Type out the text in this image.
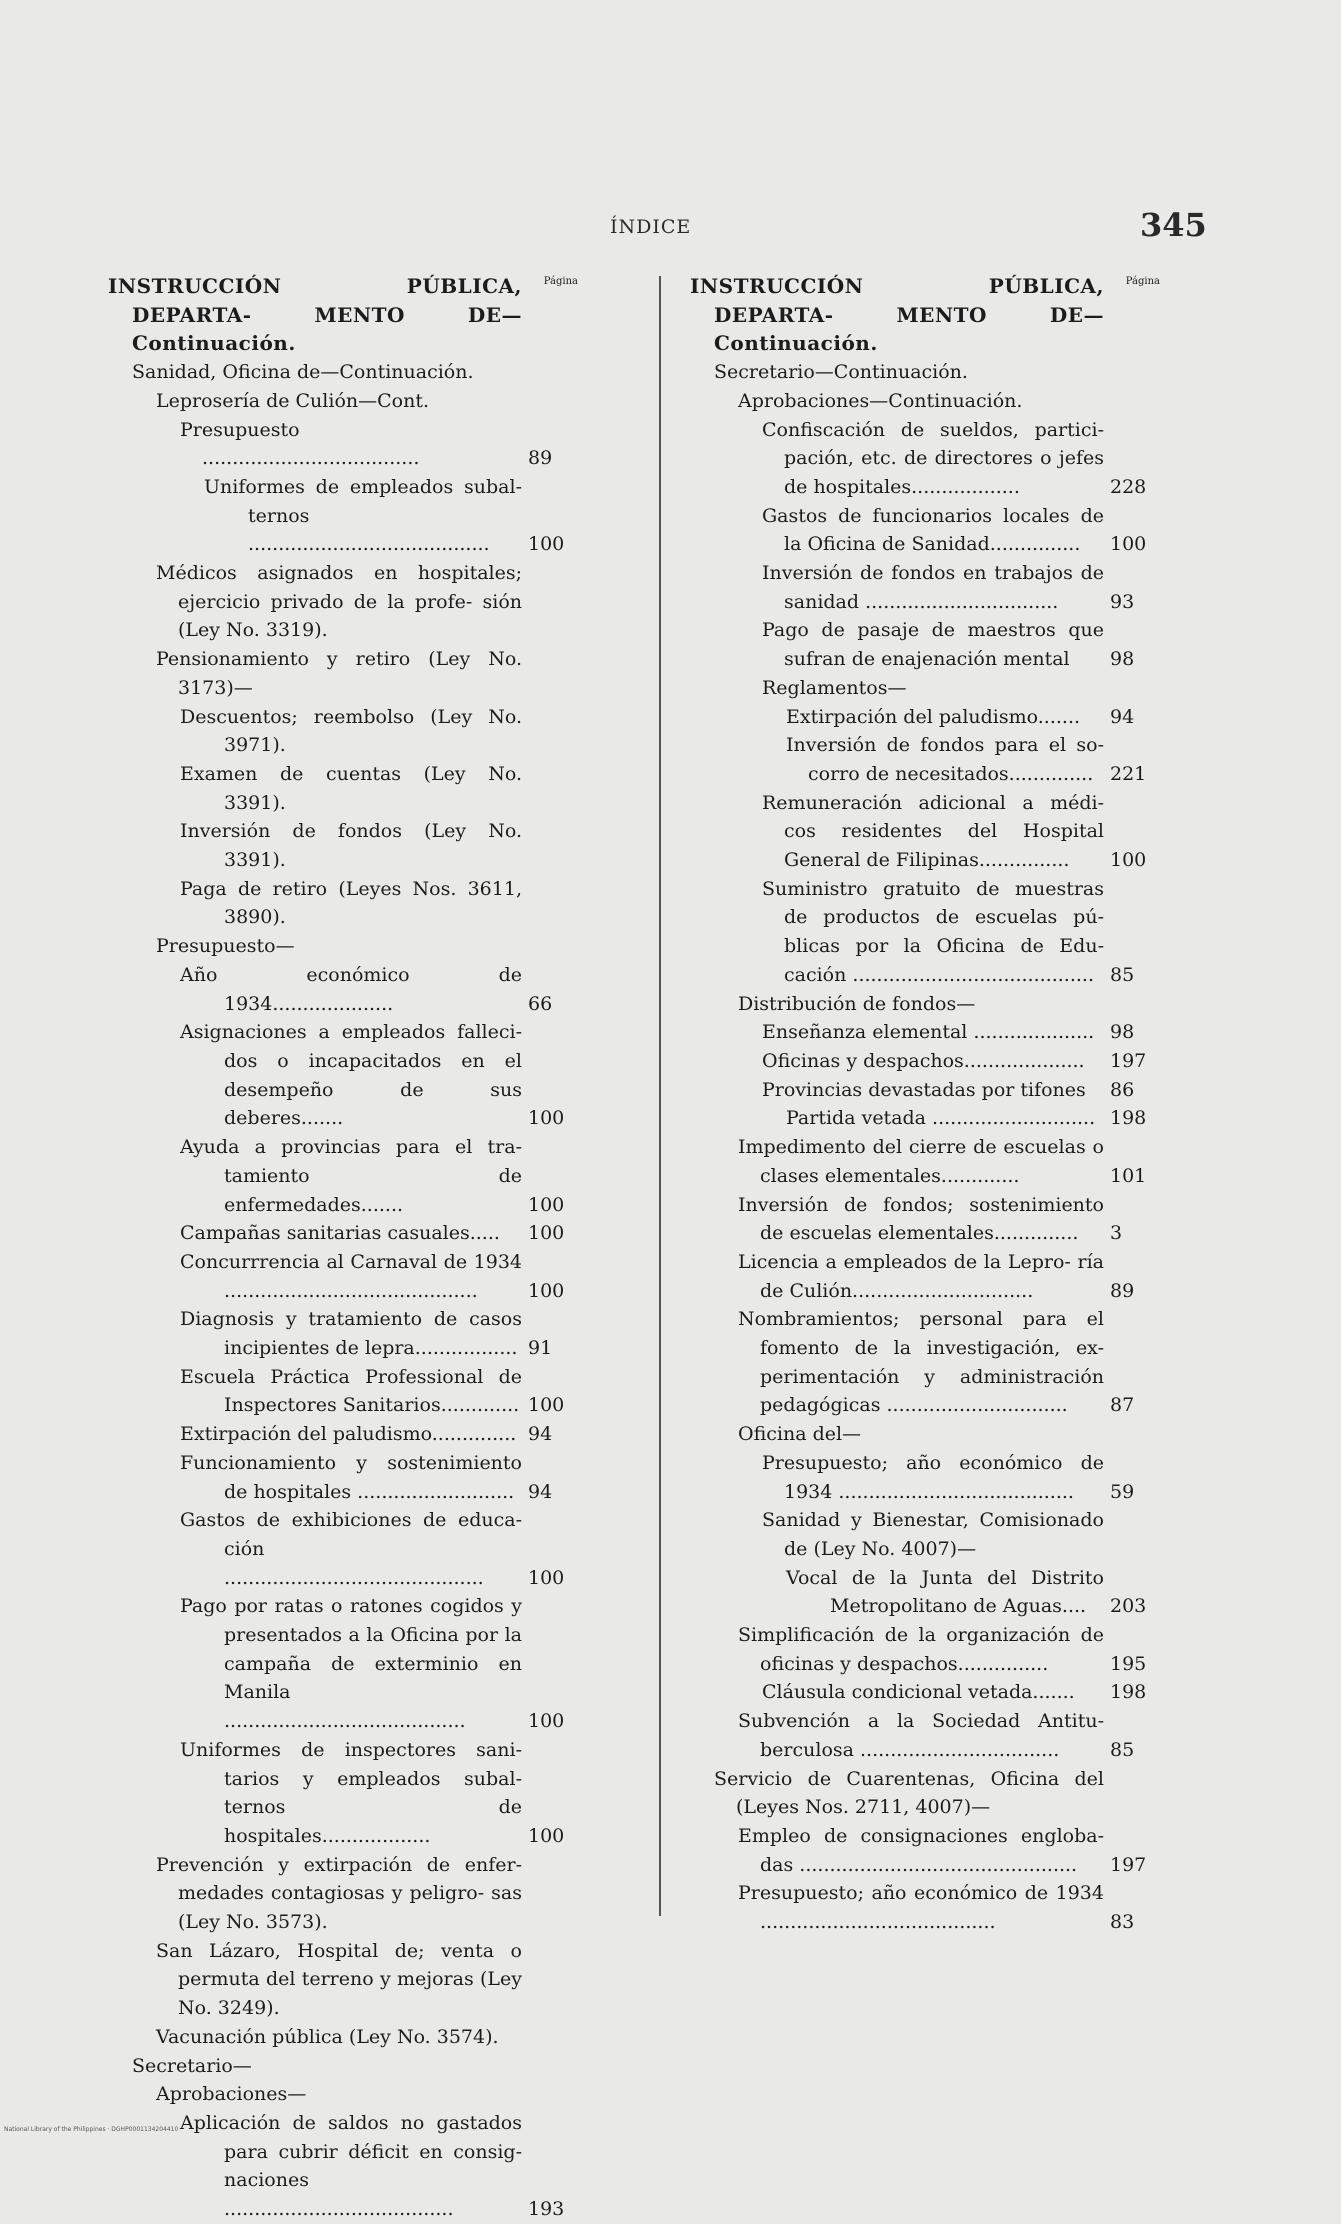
ÍNDICE	345
INSTRUCCIÓN PÚBLICA, DEPARTA- MENTO DE—Continuación.
Página
Sanidad, Oficina de—Continuación.
Leprosería de Culión—Cont.
Presupuesto ....................................	89
Uniformes de empleados subal- ternos ........................................ 100
Médicos asignados en hospitales; ejercicio privado de la profe- sión (Ley No. 3319).
Pensionamiento y retiro (Ley No. 3173)—
Descuentos; reembolso (Ley No. 3971).
Examen de cuentas (Ley No. 3391).
Inversión de fondos (Ley No. 3391).
Paga de retiro (Leyes Nos. 3611, 3890).
Presupuesto—
Año económico de 1934....................	66
Asignaciones a empleados falleci- dos o incapacitados en el desempeño de sus deberes.......	100
Ayuda a provincias para el tra- tamiento de enfermedades.......	100
Campañas sanitarias casuales..... 100
Concurrrencia al Carnaval de 1934 ..........................................	100
Diagnosis y tratamiento de casos incipientes de lepra................. 91
Escuela Práctica Professional de Inspectores Sanitarios............. 100
Extirpación del paludismo.............. 94
Funcionamiento y sostenimiento de hospitales .......................... 94
Gastos de exhibiciones de educa- ción ........................................... 100
Pago por ratas o ratones cogidos y presentados a la Oficina por la campaña de exterminio en Manila ........................................	100
Uniformes de inspectores sani- tarios y empleados subal- ternos de hospitales..................	100
Prevención y extirpación de enfer- medades contagiosas y peligro- sas (Ley No. 3573).
San Lázaro, Hospital de; venta o permuta del terreno y mejoras (Ley No. 3249).
Vacunación pública (Ley No. 3574).
Secretario—
Aprobaciones—
Aplicación de saldos no gastados para cubrir déficit en consig- naciones ......................................	193
INSTRUCCIÓN PÚBLICA, DEPARTA- MENTO DE—Continuación.
Página
Secretario—Continuación.
Aprobaciones—Continuación.
Confiscación de sueldos, partici- pación, etc. de directores o jefes de hospitales..................	228
Gastos de funcionarios locales de la Oficina de Sanidad............... 100
Inversión de fondos en trabajos de sanidad ................................	93
Pago de pasaje de maestros que sufran de enajenación mental 98
Reglamentos—
Extirpación del paludismo....... 94
Inversión de fondos para el so- corro de necesitados.............. 221
Remuneración adicional a médi- cos residentes del Hospital General de Filipinas............... 100
Suministro gratuito de muestras de productos de escuelas pú- blicas por la Oficina de Edu- cación ........................................ 85
Distribución de fondos—
Enseñanza elemental .................... 98
Oficinas y despachos.................... 197
Provincias devastadas por tifones 86
Partida vetada ........................... 198
Impedimento del cierre de escuelas o clases elementales.............	101
Inversión de fondos; sostenimiento de escuelas elementales.............. 3
Licencia a empleados de la Lepro- ría de Culión..............................	89
Nombramientos; personal para el fomento de la investigación, ex- perimentación y administración pedagógicas .............................. 87
Oficina del—
Presupuesto; año económico de 1934 ....................................... 59
Sanidad y Bienestar, Comisionado de (Ley No. 4007)—
Vocal de la Junta del Distrito Metropolitano de Aguas.... 203
Simplificación de la organización de oficinas y despachos...............	195
Cláusula condicional vetada....... 198
Subvención a la Sociedad Antitu- berculosa .................................	85
Servicio de Cuarentenas, Oficina del (Leyes Nos. 2711, 4007)—
Empleo de consignaciones engloba- das .............................................. 197
Presupuesto; año económico de 1934 .......................................	83
National Library of the Philippines · DGHP0001134204410
